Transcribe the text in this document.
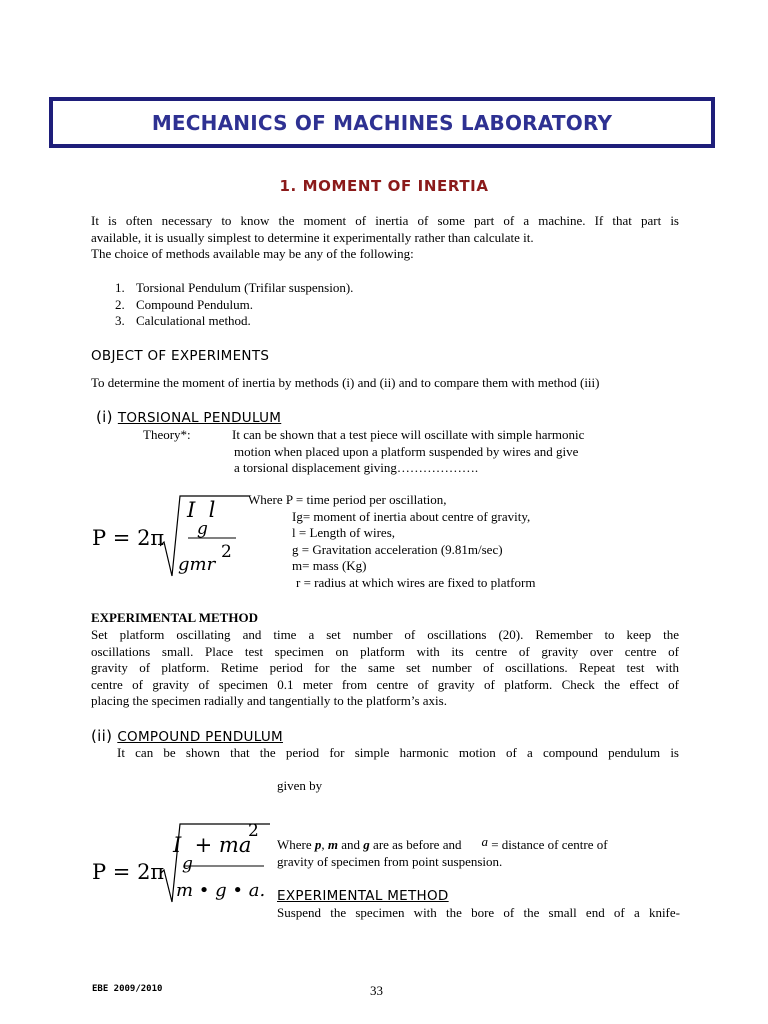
MECHANICS OF MACHINES LABORATORY
1. MOMENT OF INERTIA
It is often necessary to know the moment of inertia of some part of a machine. If that part is
available, it is usually simplest to determine it experimentally rather than calculate it.
The choice of methods available may be any of the following:
1. Torsional Pendulum (Trifilar suspension).
2. Compound Pendulum.
3. Calculational method.
OBJECT OF EXPERIMENTS
To determine the moment of inertia by methods (i) and (ii) and to compare them with method (iii)
(i) TORSIONAL PENDULUM
Theory*:	It can be shown that a test piece will oscillate with simple harmonic
motion when placed upon a platform suspended by wires and give
a torsional displacement giving……………….
P = 2π
I  l
g
gmr
2
Where P = time period per oscillation,
Ig= moment of inertia about centre of gravity,
l = Length of wires,
g = Gravitation acceleration (9.81m/sec)
m= mass (Kg)
r = radius at which wires are fixed to platform
EXPERIMENTAL METHOD
Set platform oscillating and time a set number of oscillations (20). Remember to keep the
oscillations small. Place test specimen on platform with its centre of gravity over centre of
gravity of platform. Retime period for the same set number of oscillations. Repeat test with
centre of gravity of specimen 0.1 meter from centre of gravity of platform. Check the effect of
placing the specimen radially and tangentially to the platform’s axis.
(ii) COMPOUND PENDULUM
It can be shown that the period for simple harmonic motion of a compound pendulum is
given by
P = 2π
I  + ma
2
g
m • g • a.
Where p, m and g are as before and a = distance of centre of
gravity of specimen from point suspension.
EXPERIMENTAL METHOD
Suspend the specimen with the bore of the small end of a knife-
EBE 2009/2010	33
